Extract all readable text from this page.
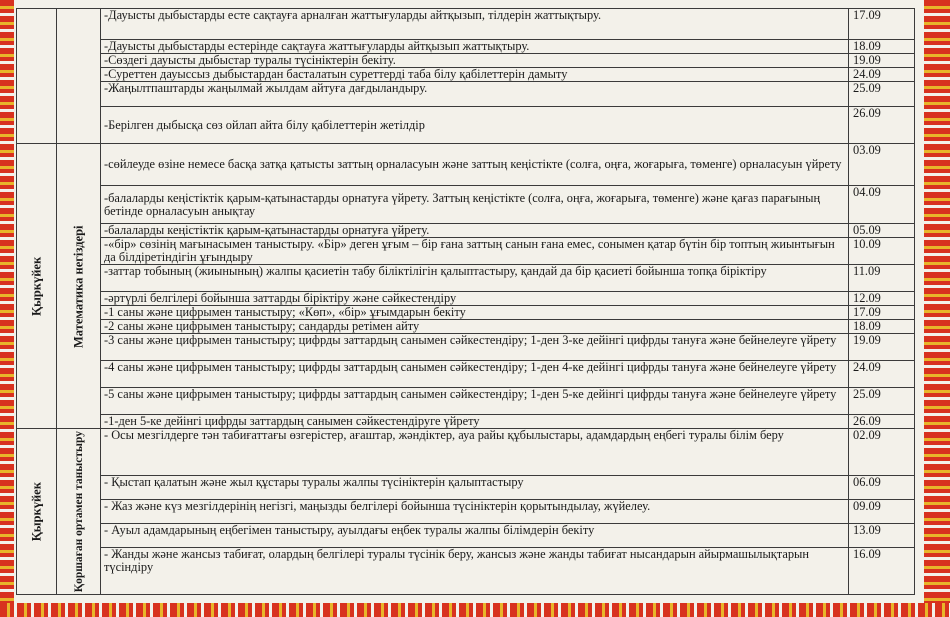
		-Дауысты дыбыстарды есте сақтауға арналған жаттығуларды айтқызып, тілдерін жаттықтыру.	17.09
		-Дауысты дыбыстарды естерінде сақтауға жаттығуларды айтқызып жаттықтыру.	18.09
		-Сөздегі дауысты дыбыстар туралы түсініктерін бекіту.	19.09
		-Суреттен дауыссыз дыбыстардан басталатын суреттерді таба білу қабілеттерін дамыту	24.09
		-Жаңылтпаштарды жаңылмай жылдам айтуға дағдыландыру.	25.09
		-Берілген дыбысқа сөз ойлап айта білу қабілеттерін жетілдір	26.09
Қыркүйек	Математика негіздері	-сөйлеуде өзіне немесе басқа затқа қатысты заттың орналасуын және заттың кеңістікте (солға, оңға, жоғарыға, төменге) орналасуын үйрету	03.09
		-балаларды кеңістіктік қарым-қатынастарды орнатуға үйрету. Заттың кеңістікте (солға, оңға, жоғарыға, төменге) және қағаз парағының бетінде орналасуын анықтау	04.09
		-балаларды кеңістіктік қарым-қатынастарды орнатуға үйрету.	05.09
		-«бір» сөзінің мағынасымен таныстыру. «Бір» деген ұғым – бір ғана заттың санын ғана емес, сонымен қатар бүтін бір топтың жиынтығын да білдіретіндігін ұғындыру	10.09
		-заттар тобының (жиынының) жалпы қасиетін табу біліктілігін қалыптастыру, қандай да бір қасиеті бойынша топқа біріктіру	11.09
		-әртүрлі белгілері бойынша заттарды біріктіру және сәйкестендіру	12.09
		-1 саны және цифрымен таныстыру; «Көп», «бір» ұғымдарын бекіту	17.09
		-2 саны және цифрымен таныстыру; сандарды ретімен айту	18.09
		-3 саны және цифрымен таныстыру; цифрды заттардың санымен сәйкестендіру; 1-ден 3-ке дейінгі цифрды тануға және бейнелеуге үйрету	19.09
		-4 саны және цифрымен таныстыру; цифрды заттардың санымен сәйкестендіру; 1-ден 4-ке дейінгі цифрды тануға және бейнелеуге үйрету	24.09
		-5 саны және цифрымен таныстыру; цифрды заттардың санымен сәйкестендіру; 1-ден 5-ке дейінгі цифрды тануға және бейнелеуге үйрету	25.09
		-1-ден 5-ке дейінгі цифрды заттардың санымен сәйкестендіруге үйрету	26.09
Қыркүйек	Қоршаған ортамен таныстыру	- Осы мезгілдерге тән табиғаттағы өзгерістер, ағаштар, жәндіктер, ауа райы құбылыстары, адамдардың еңбегі туралы білім беру	02.09
		- Қыстап қалатын және жыл құстары туралы жалпы түсініктерін қалыптастыру	06.09
		- Жаз және күз мезгілдерінің негізгі, маңызды белгілері бойынша түсініктерін қорытындылау, жүйелеу.	09.09
		- Ауыл адамдарының еңбегімен таныстыру, ауылдағы еңбек туралы жалпы білімдерін бекіту	13.09
		- Жанды және жансыз табиғат, олардың белгілері туралы түсінік беру, жансыз және жанды табиғат нысандарын айырмашылықтарын түсіндіру	16.09
